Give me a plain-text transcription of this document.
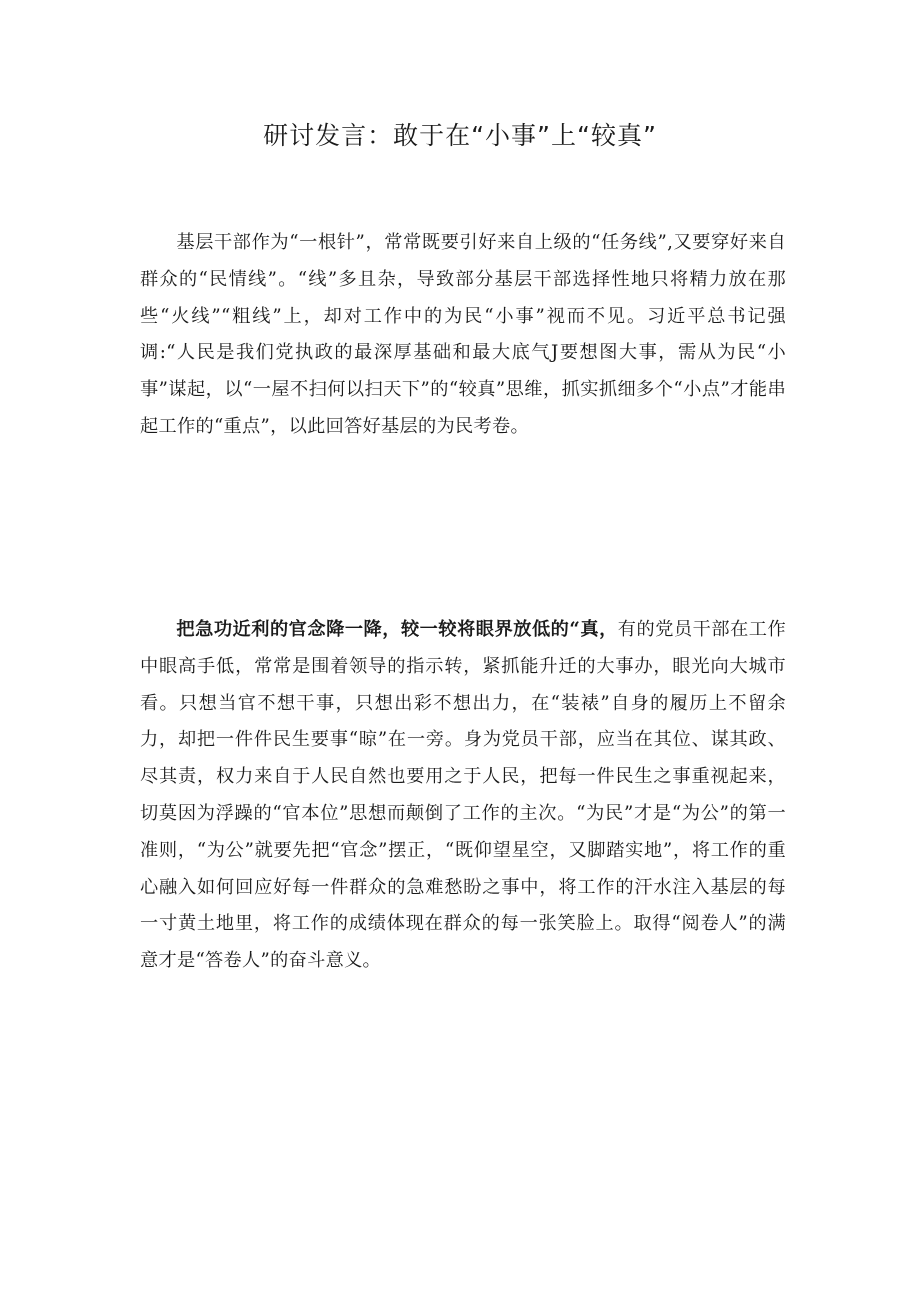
研讨发言：敢于在“小事”上“较真”

基层干部作为“一根针”，常常既要引好来自上级的“任务线”,又要穿好来自群众的“民情线”。“线”多且杂，导致部分基层干部选择性地只将精力放在那些“火线”“粗线”上，却对工作中的为民“小事”视而不见。习近平总书记强调:“人民是我们党执政的最深厚基础和最大底气J要想图大事，需从为民“小事”谋起，以“一屋不扫何以扫天下”的“较真”思维，抓实抓细多个“小点”才能串起工作的“重点”，以此回答好基层的为民考卷。

把急功近利的官念降一降，较一较将眼界放低的“真，有的党员干部在工作中眼高手低，常常是围着领导的指示转，紧抓能升迁的大事办，眼光向大城市看。只想当官不想干事，只想出彩不想出力，在“装裱”自身的履历上不留余力，却把一件件民生要事“晾”在一旁。身为党员干部，应当在其位、谋其政、尽其责，权力来自于人民自然也要用之于人民，把每一件民生之事重视起来，切莫因为浮躁的“官本位”思想而颠倒了工作的主次。“为民”才是“为公”的第一准则，“为公”就要先把“官念”摆正，“既仰望星空，又脚踏实地”，将工作的重心融入如何回应好每一件群众的急难愁盼之事中，将工作的汗水注入基层的每一寸黄土地里，将工作的成绩体现在群众的每一张笑脸上。取得“阅卷人”的满意才是“答卷人”的奋斗意义。
